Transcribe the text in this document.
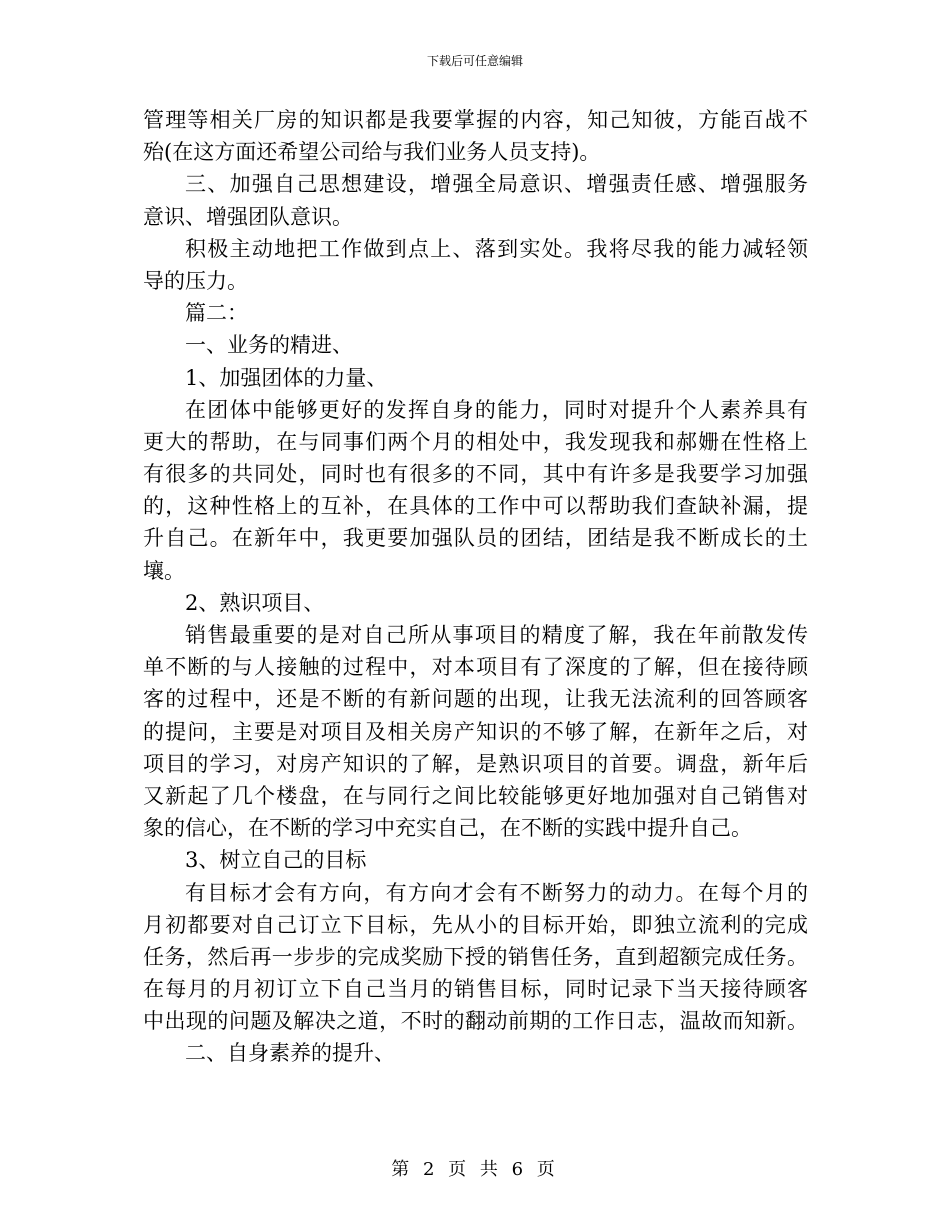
下载后可任意编辑
管理等相关厂房的知识都是我要掌握的内容，知己知彼，方能百战不
殆(在这方面还希望公司给与我们业务人员支持)。
三、加强自己思想建设，增强全局意识、增强责任感、增强服务
意识、增强团队意识。
积极主动地把工作做到点上、落到实处。我将尽我的能力减轻领
导的压力。
篇二：
一、业务的精进、
1、加强团体的力量、
在团体中能够更好的发挥自身的能力，同时对提升个人素养具有
更大的帮助，在与同事们两个月的相处中，我发现我和郝姗在性格上
有很多的共同处，同时也有很多的不同，其中有许多是我要学习加强
的，这种性格上的互补，在具体的工作中可以帮助我们查缺补漏，提
升自己。在新年中，我更要加强队员的团结，团结是我不断成长的土
壤。
2、熟识项目、
销售最重要的是对自己所从事项目的精度了解，我在年前散发传
单不断的与人接触的过程中，对本项目有了深度的了解，但在接待顾
客的过程中，还是不断的有新问题的出现，让我无法流利的回答顾客
的提问，主要是对项目及相关房产知识的不够了解，在新年之后，对
项目的学习，对房产知识的了解，是熟识项目的首要。调盘，新年后
又新起了几个楼盘，在与同行之间比较能够更好地加强对自己销售对
象的信心，在不断的学习中充实自己，在不断的实践中提升自己。
3、树立自己的目标
有目标才会有方向，有方向才会有不断努力的动力。在每个月的
月初都要对自己订立下目标，先从小的目标开始，即独立流利的完成
任务，然后再一步步的完成奖励下授的销售任务，直到超额完成任务。
在每月的月初订立下自己当月的销售目标，同时记录下当天接待顾客
中出现的问题及解决之道，不时的翻动前期的工作日志，温故而知新。
二、自身素养的提升、
第 2 页 共 6 页
